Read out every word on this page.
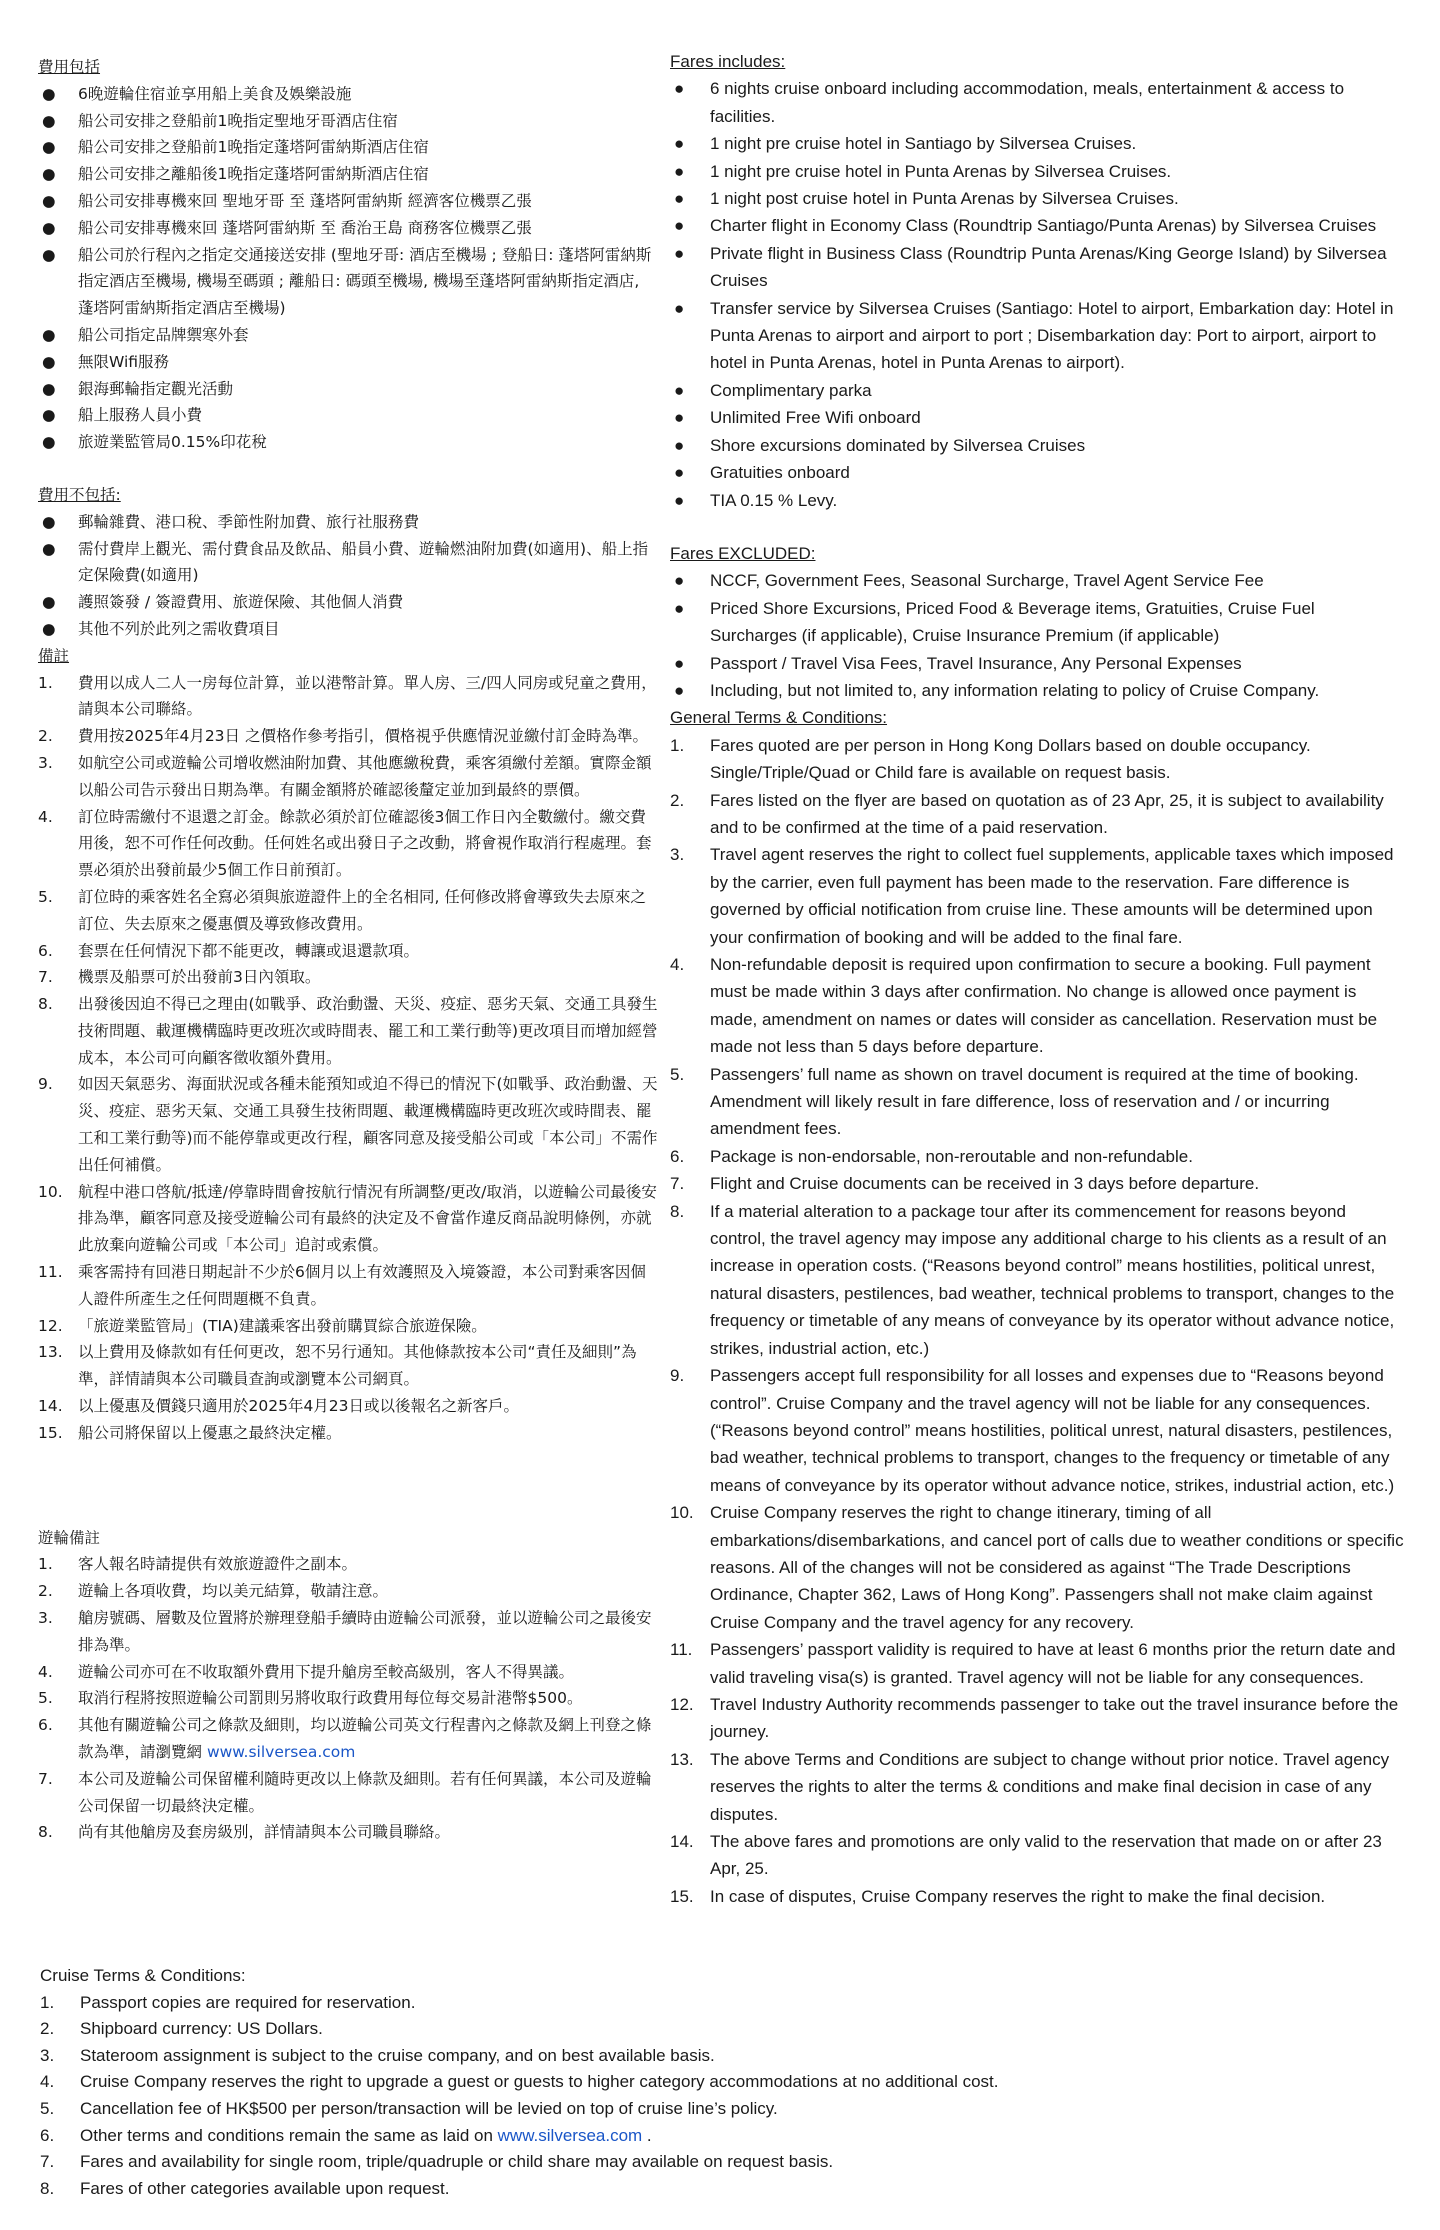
費用包括
● 6晚遊輪住宿並享用船上美食及娛樂設施
● 船公司安排之登船前1晚指定聖地牙哥酒店住宿
● 船公司安排之登船前1晚指定蓬塔阿雷納斯酒店住宿
● 船公司安排之離船後1晚指定蓬塔阿雷納斯酒店住宿
● 船公司安排專機來回 聖地牙哥 至 蓬塔阿雷納斯 經濟客位機票乙張
● 船公司安排專機來回 蓬塔阿雷納斯 至 喬治王島 商務客位機票乙張
● 船公司於行程內之指定交通接送安排 (聖地牙哥: 酒店至機場 ; 登船日: 蓬塔阿雷納斯指定酒店至機場, 機場至碼頭 ; 離船日: 碼頭至機場, 機場至蓬塔阿雷納斯指定酒店, 蓬塔阿雷納斯指定酒店至機場)
● 船公司指定品牌禦寒外套
● 無限Wifi服務
● 銀海郵輪指定觀光活動
● 船上服務人員小費
● 旅遊業監管局0.15%印花稅
費用不包括:
● 郵輪雜費、港口稅、季節性附加費、旅行社服務費
● 需付費岸上觀光、需付費食品及飲品、船員小費、遊輪燃油附加費(如適用)、船上指定保險費(如適用)
● 護照簽發 / 簽證費用、旅遊保險、其他個人消費
● 其他不列於此列之需收費項目
備註
1. 費用以成人二人一房每位計算，並以港幣計算。單人房、三/四人同房或兒童之費用，請與本公司聯絡。
2. 費用按2025年4月23日 之價格作參考指引，價格視乎供應情況並繳付訂金時為準。
3. 如航空公司或遊輪公司增收燃油附加費、其他應繳稅費，乘客須繳付差額。實際金額以船公司告示發出日期為準。有關金額將於確認後釐定並加到最終的票價。
4. 訂位時需繳付不退還之訂金。餘款必須於訂位確認後3個工作日內全數繳付。繳交費用後，恕不可作任何改動。任何姓名或出發日子之改動，將會視作取消行程處理。套票必須於出發前最少5個工作日前預訂。
5. 訂位時的乘客姓名全寫必須與旅遊證件上的全名相同, 任何修改將會導致失去原來之訂位、失去原來之優惠價及導致修改費用。
6. 套票在任何情況下都不能更改，轉讓或退還款項。
7. 機票及船票可於出發前3日內領取。
8. 出發後因迫不得已之理由(如戰爭、政治動盪、天災、疫症、惡劣天氣、交通工具發生技術問題、載運機構臨時更改班次或時間表、罷工和工業行動等)更改項目而增加經營成本，本公司可向顧客徵收額外費用。
9. 如因天氣惡劣、海面狀況或各種未能預知或迫不得已的情況下(如戰爭、政治動盪、天災、疫症、惡劣天氣、交通工具發生技術問題、載運機構臨時更改班次或時間表、罷工和工業行動等)而不能停靠或更改行程，顧客同意及接受船公司或「本公司」不需作出任何補償。
10. 航程中港口啓航/抵達/停靠時間會按航行情況有所調整/更改/取消，以遊輪公司最後安排為準，顧客同意及接受遊輪公司有最終的決定及不會當作違反商品說明條例，亦就此放棄向遊輪公司或「本公司」追討或索償。
11. 乘客需持有回港日期起計不少於6個月以上有效護照及入境簽證，本公司對乘客因個人證件所產生之任何問題概不負責。
12. 「旅遊業監管局」(TIA)建議乘客出發前購買綜合旅遊保險。
13. 以上費用及條款如有任何更改，恕不另行通知。其他條款按本公司“責任及細則”為準，詳情請與本公司職員查詢或瀏覽本公司網頁。
14. 以上優惠及價錢只適用於2025年4月23日或以後報名之新客戶。
15. 船公司將保留以上優惠之最終決定權。
遊輪備註
1. 客人報名時請提供有效旅遊證件之副本。
2. 遊輪上各項收費，均以美元結算，敬請注意。
3. 艙房號碼、層數及位置將於辦理登船手續時由遊輪公司派發，並以遊輪公司之最後安排為準。
4. 遊輪公司亦可在不收取額外費用下提升艙房至較高級別，客人不得異議。
5. 取消行程將按照遊輪公司罰則另將收取行政費用每位每交易計港幣$500。
6. 其他有關遊輪公司之條款及細則，均以遊輪公司英文行程書內之條款及網上刊登之條款為準，請瀏覽網 www.silversea.com
7. 本公司及遊輪公司保留權利隨時更改以上條款及細則。若有任何異議，本公司及遊輪公司保留一切最終決定權。
8. 尚有其他艙房及套房級別，詳情請與本公司職員聯絡。
Fares includes:
● 6 nights cruise onboard including accommodation, meals, entertainment & access to facilities.
● 1 night pre cruise hotel in Santiago by Silversea Cruises.
● 1 night pre cruise hotel in Punta Arenas by Silversea Cruises.
● 1 night post cruise hotel in Punta Arenas by Silversea Cruises.
● Charter flight in Economy Class (Roundtrip Santiago/Punta Arenas) by Silversea Cruises
● Private flight in Business Class (Roundtrip Punta Arenas/King George Island) by Silversea Cruises
● Transfer service by Silversea Cruises (Santiago: Hotel to airport, Embarkation day: Hotel in Punta Arenas to airport and airport to port ; Disembarkation day: Port to airport, airport to hotel in Punta Arenas, hotel in Punta Arenas to airport).
● Complimentary parka
● Unlimited Free Wifi onboard
● Shore excursions dominated by Silversea Cruises
● Gratuities onboard
● TIA 0.15 % Levy.
Fares EXCLUDED:
● NCCF, Government Fees, Seasonal Surcharge, Travel Agent Service Fee
● Priced Shore Excursions, Priced Food & Beverage items, Gratuities, Cruise Fuel Surcharges (if applicable), Cruise Insurance Premium (if applicable)
● Passport / Travel Visa Fees, Travel Insurance, Any Personal Expenses
● Including, but not limited to, any information relating to policy of Cruise Company.
General Terms & Conditions:
1. Fares quoted are per person in Hong Kong Dollars based on double occupancy. Single/Triple/Quad or Child fare is available on request basis.
2. Fares listed on the flyer are based on quotation as of 23 Apr, 25, it is subject to availability and to be confirmed at the time of a paid reservation.
3. Travel agent reserves the right to collect fuel supplements, applicable taxes which imposed by the carrier, even full payment has been made to the reservation. Fare difference is governed by official notification from cruise line. These amounts will be determined upon your confirmation of booking and will be added to the final fare.
4. Non-refundable deposit is required upon confirmation to secure a booking. Full payment must be made within 3 days after confirmation. No change is allowed once payment is made, amendment on names or dates will consider as cancellation. Reservation must be made not less than 5 days before departure.
5. Passengers’ full name as shown on travel document is required at the time of booking. Amendment will likely result in fare difference, loss of reservation and / or incurring amendment fees.
6. Package is non-endorsable, non-reroutable and non-refundable.
7. Flight and Cruise documents can be received in 3 days before departure.
8. If a material alteration to a package tour after its commencement for reasons beyond control, the travel agency may impose any additional charge to his clients as a result of an increase in operation costs. (“Reasons beyond control” means hostilities, political unrest, natural disasters, pestilences, bad weather, technical problems to transport, changes to the frequency or timetable of any means of conveyance by its operator without advance notice, strikes, industrial action, etc.)
9. Passengers accept full responsibility for all losses and expenses due to “Reasons beyond control”. Cruise Company and the travel agency will not be liable for any consequences. (“Reasons beyond control” means hostilities, political unrest, natural disasters, pestilences, bad weather, technical problems to transport, changes to the frequency or timetable of any means of conveyance by its operator without advance notice, strikes, industrial action, etc.)
10. Cruise Company reserves the right to change itinerary, timing of all embarkations/disembarkations, and cancel port of calls due to weather conditions or specific reasons. All of the changes will not be considered as against “The Trade Descriptions Ordinance, Chapter 362, Laws of Hong Kong”. Passengers shall not make claim against Cruise Company and the travel agency for any recovery.
11. Passengers’ passport validity is required to have at least 6 months prior the return date and valid traveling visa(s) is granted. Travel agency will not be liable for any consequences.
12. Travel Industry Authority recommends passenger to take out the travel insurance before the journey.
13. The above Terms and Conditions are subject to change without prior notice. Travel agency reserves the rights to alter the terms & conditions and make final decision in case of any disputes.
14. The above fares and promotions are only valid to the reservation that made on or after 23 Apr, 25.
15. In case of disputes, Cruise Company reserves the right to make the final decision.
Cruise Terms & Conditions:
1. Passport copies are required for reservation.
2. Shipboard currency: US Dollars.
3. Stateroom assignment is subject to the cruise company, and on best available basis.
4. Cruise Company reserves the right to upgrade a guest or guests to higher category accommodations at no additional cost.
5. Cancellation fee of HK$500 per person/transaction will be levied on top of cruise line’s policy.
6. Other terms and conditions remain the same as laid on www.silversea.com .
7. Fares and availability for single room, triple/quadruple or child share may available on request basis.
8. Fares of other categories available upon request.
